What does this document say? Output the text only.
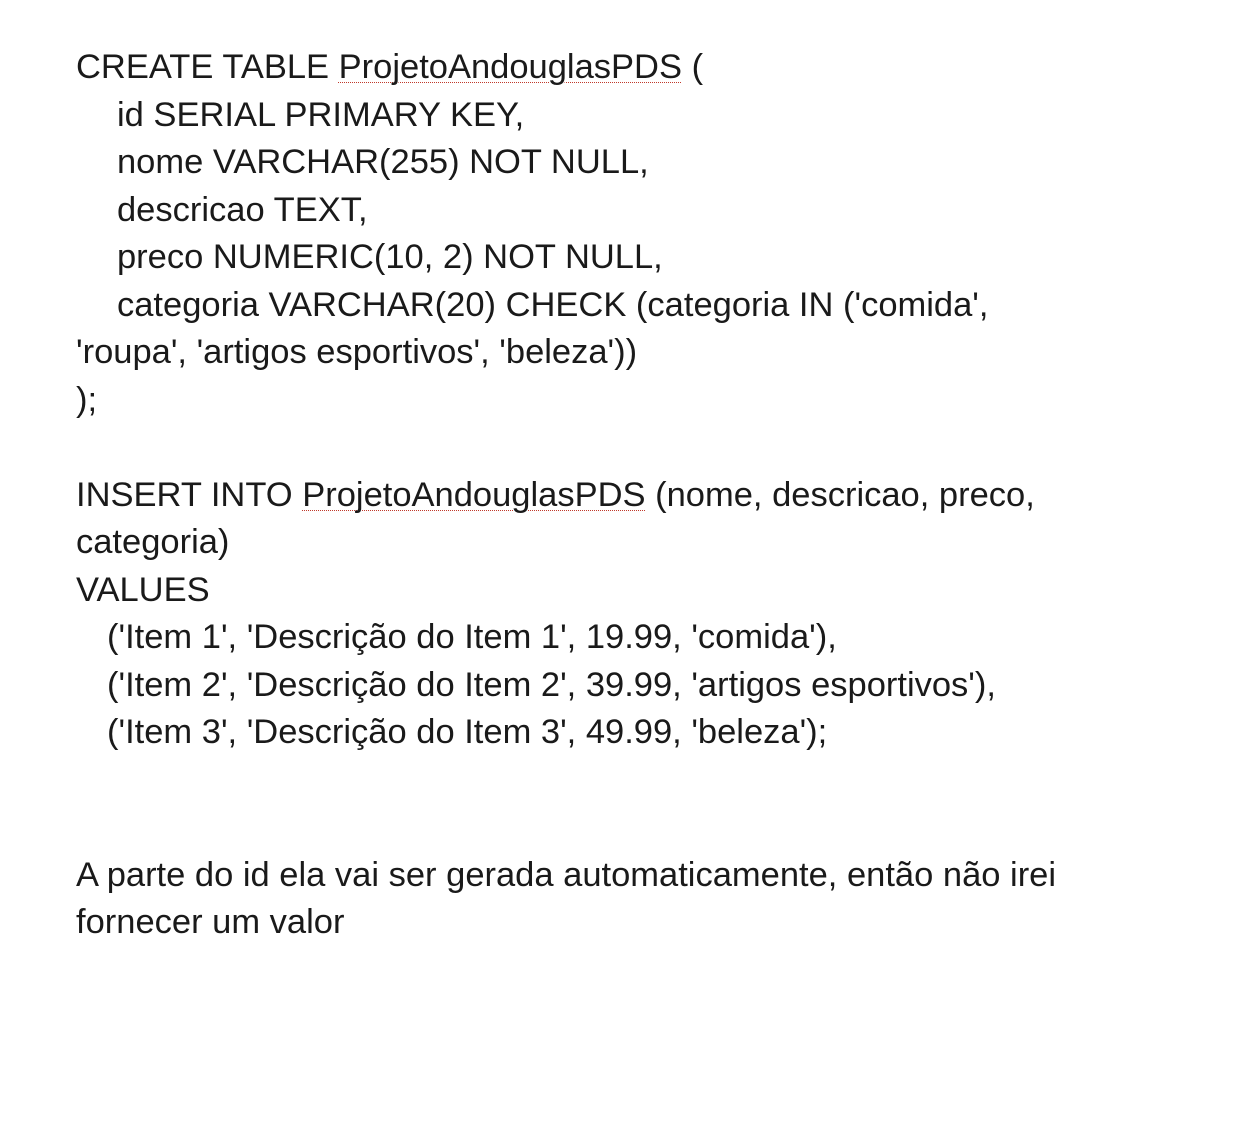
CREATE TABLE ProjetoAndouglasPDS (
id SERIAL PRIMARY KEY,
nome VARCHAR(255) NOT NULL,
descricao TEXT,
preco NUMERIC(10, 2) NOT NULL,
categoria VARCHAR(20) CHECK (categoria IN ('comida',
'roupa', 'artigos esportivos', 'beleza'))
);
INSERT INTO ProjetoAndouglasPDS (nome, descricao, preco,
categoria)
VALUES
('Item 1', 'Descrição do Item 1', 19.99, 'comida'),
('Item 2', 'Descrição do Item 2', 39.99, 'artigos esportivos'),
('Item 3', 'Descrição do Item 3', 49.99, 'beleza');
A parte do id ela vai ser gerada automaticamente, então não irei
fornecer um valor
